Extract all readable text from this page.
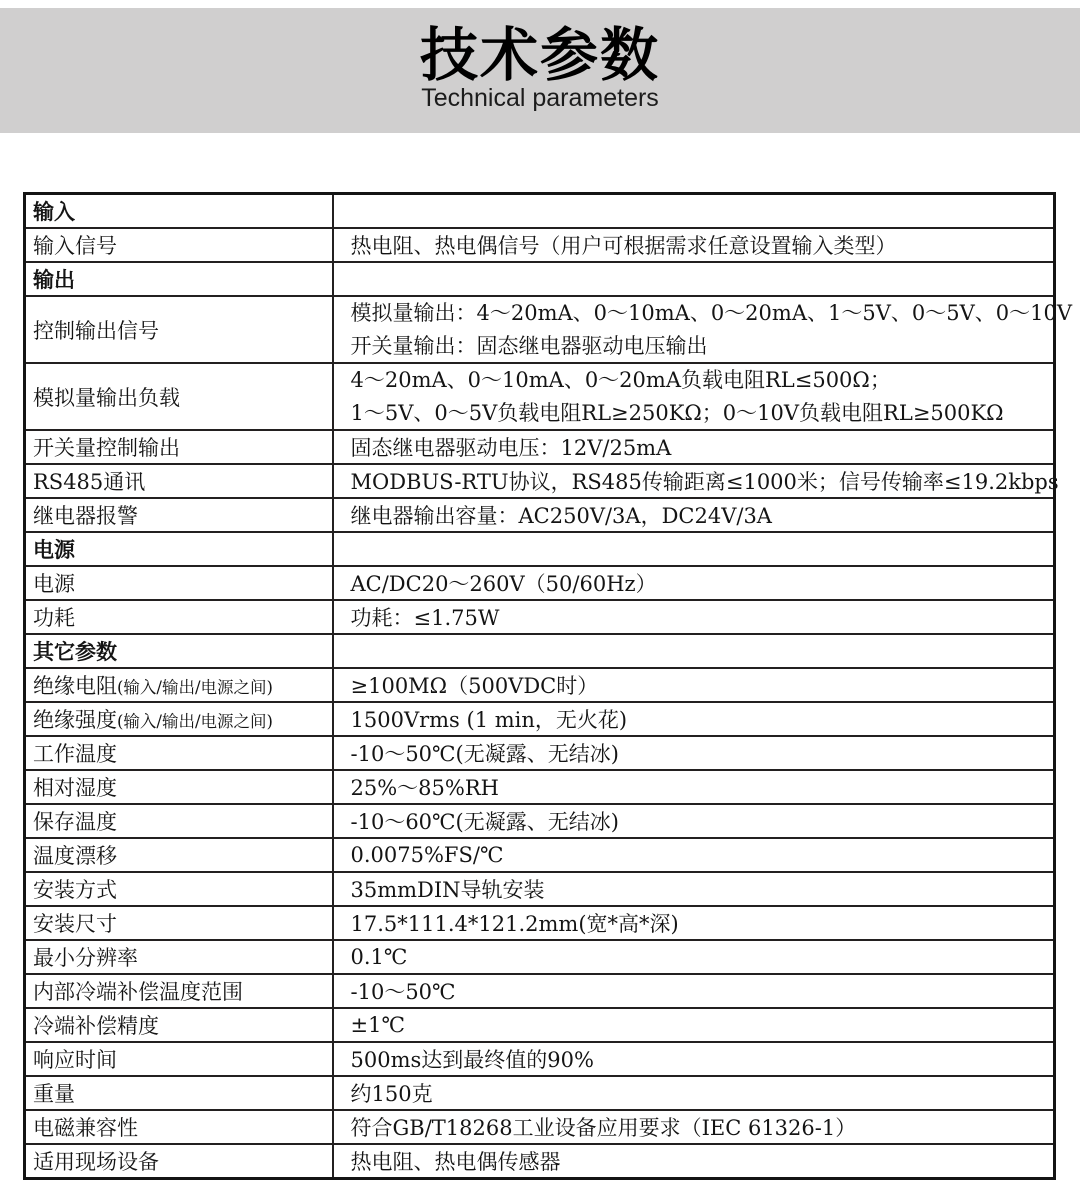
技术参数
Technical parameters
输入	
输入信号	热电阻、热电偶信号（用户可根据需求任意设置输入类型）
输出	
控制输出信号	模拟量输出：4～20mA、0～10mA、0～20mA、1～5V、0～5V、0～10V
开关量输出：固态继电器驱动电压输出

模拟量输出负载	4～20mA、0～10mA、0～20mA负载电阻RL≤500Ω；
1～5V、0～5V负载电阻RL≥250KΩ；0～10V负载电阻RL≥500KΩ

开关量控制输出	固态继电器驱动电压：12V/25mA
RS485通讯	MODBUS-RTU协议，RS485传输距离≤1000米；信号传输率≤19.2kbps
继电器报警	继电器输出容量：AC250V/3A，DC24V/3A
电源	
电源	AC/DC20～260V（50/60Hz）
功耗	功耗：≤1.75W
其它参数	
绝缘电阻(输入/输出/电源之间)	≥100MΩ（500VDC时）
绝缘强度(输入/输出/电源之间)	1500Vrms (1 min，无火花)
工作温度	-10～50℃(无凝露、无结冰)
相对湿度	25%～85%RH
保存温度	-10～60℃(无凝露、无结冰)
温度漂移	0.0075%FS/℃
安装方式	35mmDIN导轨安装
安装尺寸	17.5*111.4*121.2mm(宽*高*深)
最小分辨率	0.1℃
内部冷端补偿温度范围	-10～50℃
冷端补偿精度	±1℃
响应时间	500ms达到最终值的90%
重量	约150克
电磁兼容性	符合GB/T18268工业设备应用要求（IEC 61326-1）
适用现场设备	热电阻、热电偶传感器
